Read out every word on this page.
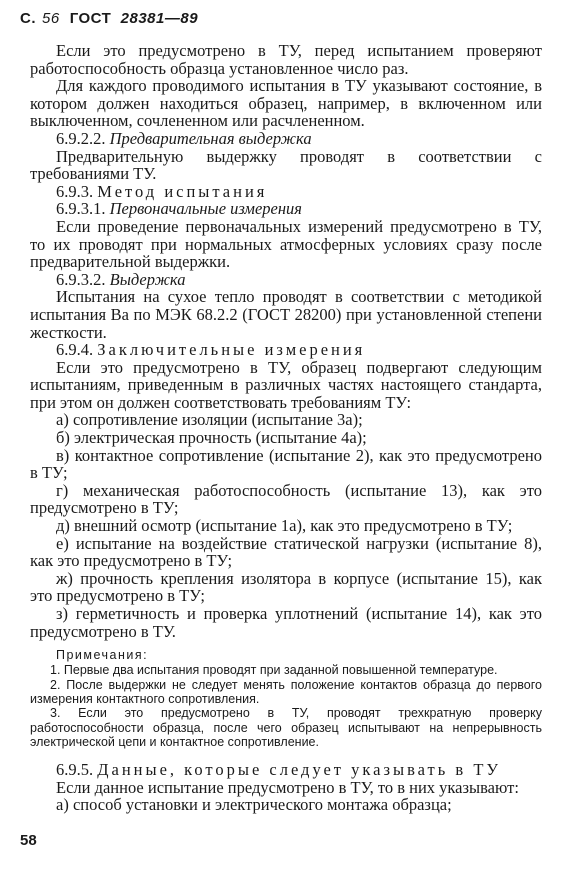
С. 56 ГОСТ 28381—89

Если это предусмотрено в ТУ, перед испытанием проверяют работоспособность образца установленное число раз.

Для каждого проводимого испытания в ТУ указывают состояние, в котором должен находиться образец, например, в включенном или выключенном, сочлененном или расчлененном.

6.9.2.2. Предварительная выдержка

Предварительную выдержку проводят в соответствии с требованиями ТУ.

6.9.3. Метод испытания

6.9.3.1. Первоначальные измерения

Если проведение первоначальных измерений предусмотрено в ТУ, то их проводят при нормальных атмосферных условиях сразу после предварительной выдержки.

6.9.3.2. Выдержка

Испытания на сухое тепло проводят в соответствии с методикой испытания Ва по МЭК 68.2.2 (ГОСТ 28200) при установленной степени жесткости.

6.9.4. Заключительные измерения

Если это предусмотрено в ТУ, образец подвергают следующим испытаниям, приведенным в различных частях настоящего стандарта, при этом он должен соответствовать требованиям ТУ:

а) сопротивление изоляции (испытание 3а);

б) электрическая прочность (испытание 4а);

в) контактное сопротивление (испытание 2), как это предусмотрено в ТУ;

г) механическая работоспособность (испытание 13), как это предусмотрено в ТУ;

д) внешний осмотр (испытание 1а), как это предусмотрено в ТУ;

е) испытание на воздействие статической нагрузки (испытание 8), как это предусмотрено в ТУ;

ж) прочность крепления изолятора в корпусе (испытание 15), как это предусмотрено в ТУ;

з) герметичность и проверка уплотнений (испытание 14), как это предусмотрено в ТУ.

Примечания:

1. Первые два испытания проводят при заданной повышенной температуре.

2. После выдержки не следует менять положение контактов образца до первого измерения контактного сопротивления.

3. Если это предусмотрено в ТУ, проводят трехкратную проверку работоспособности образца, после чего образец испытывают на непрерывность электрической цепи и контактное сопротивление.

6.9.5. Данные, которые следует указывать в ТУ

Если данное испытание предусмотрено в ТУ, то в них указывают:

а) способ установки и электрического монтажа образца;

58
